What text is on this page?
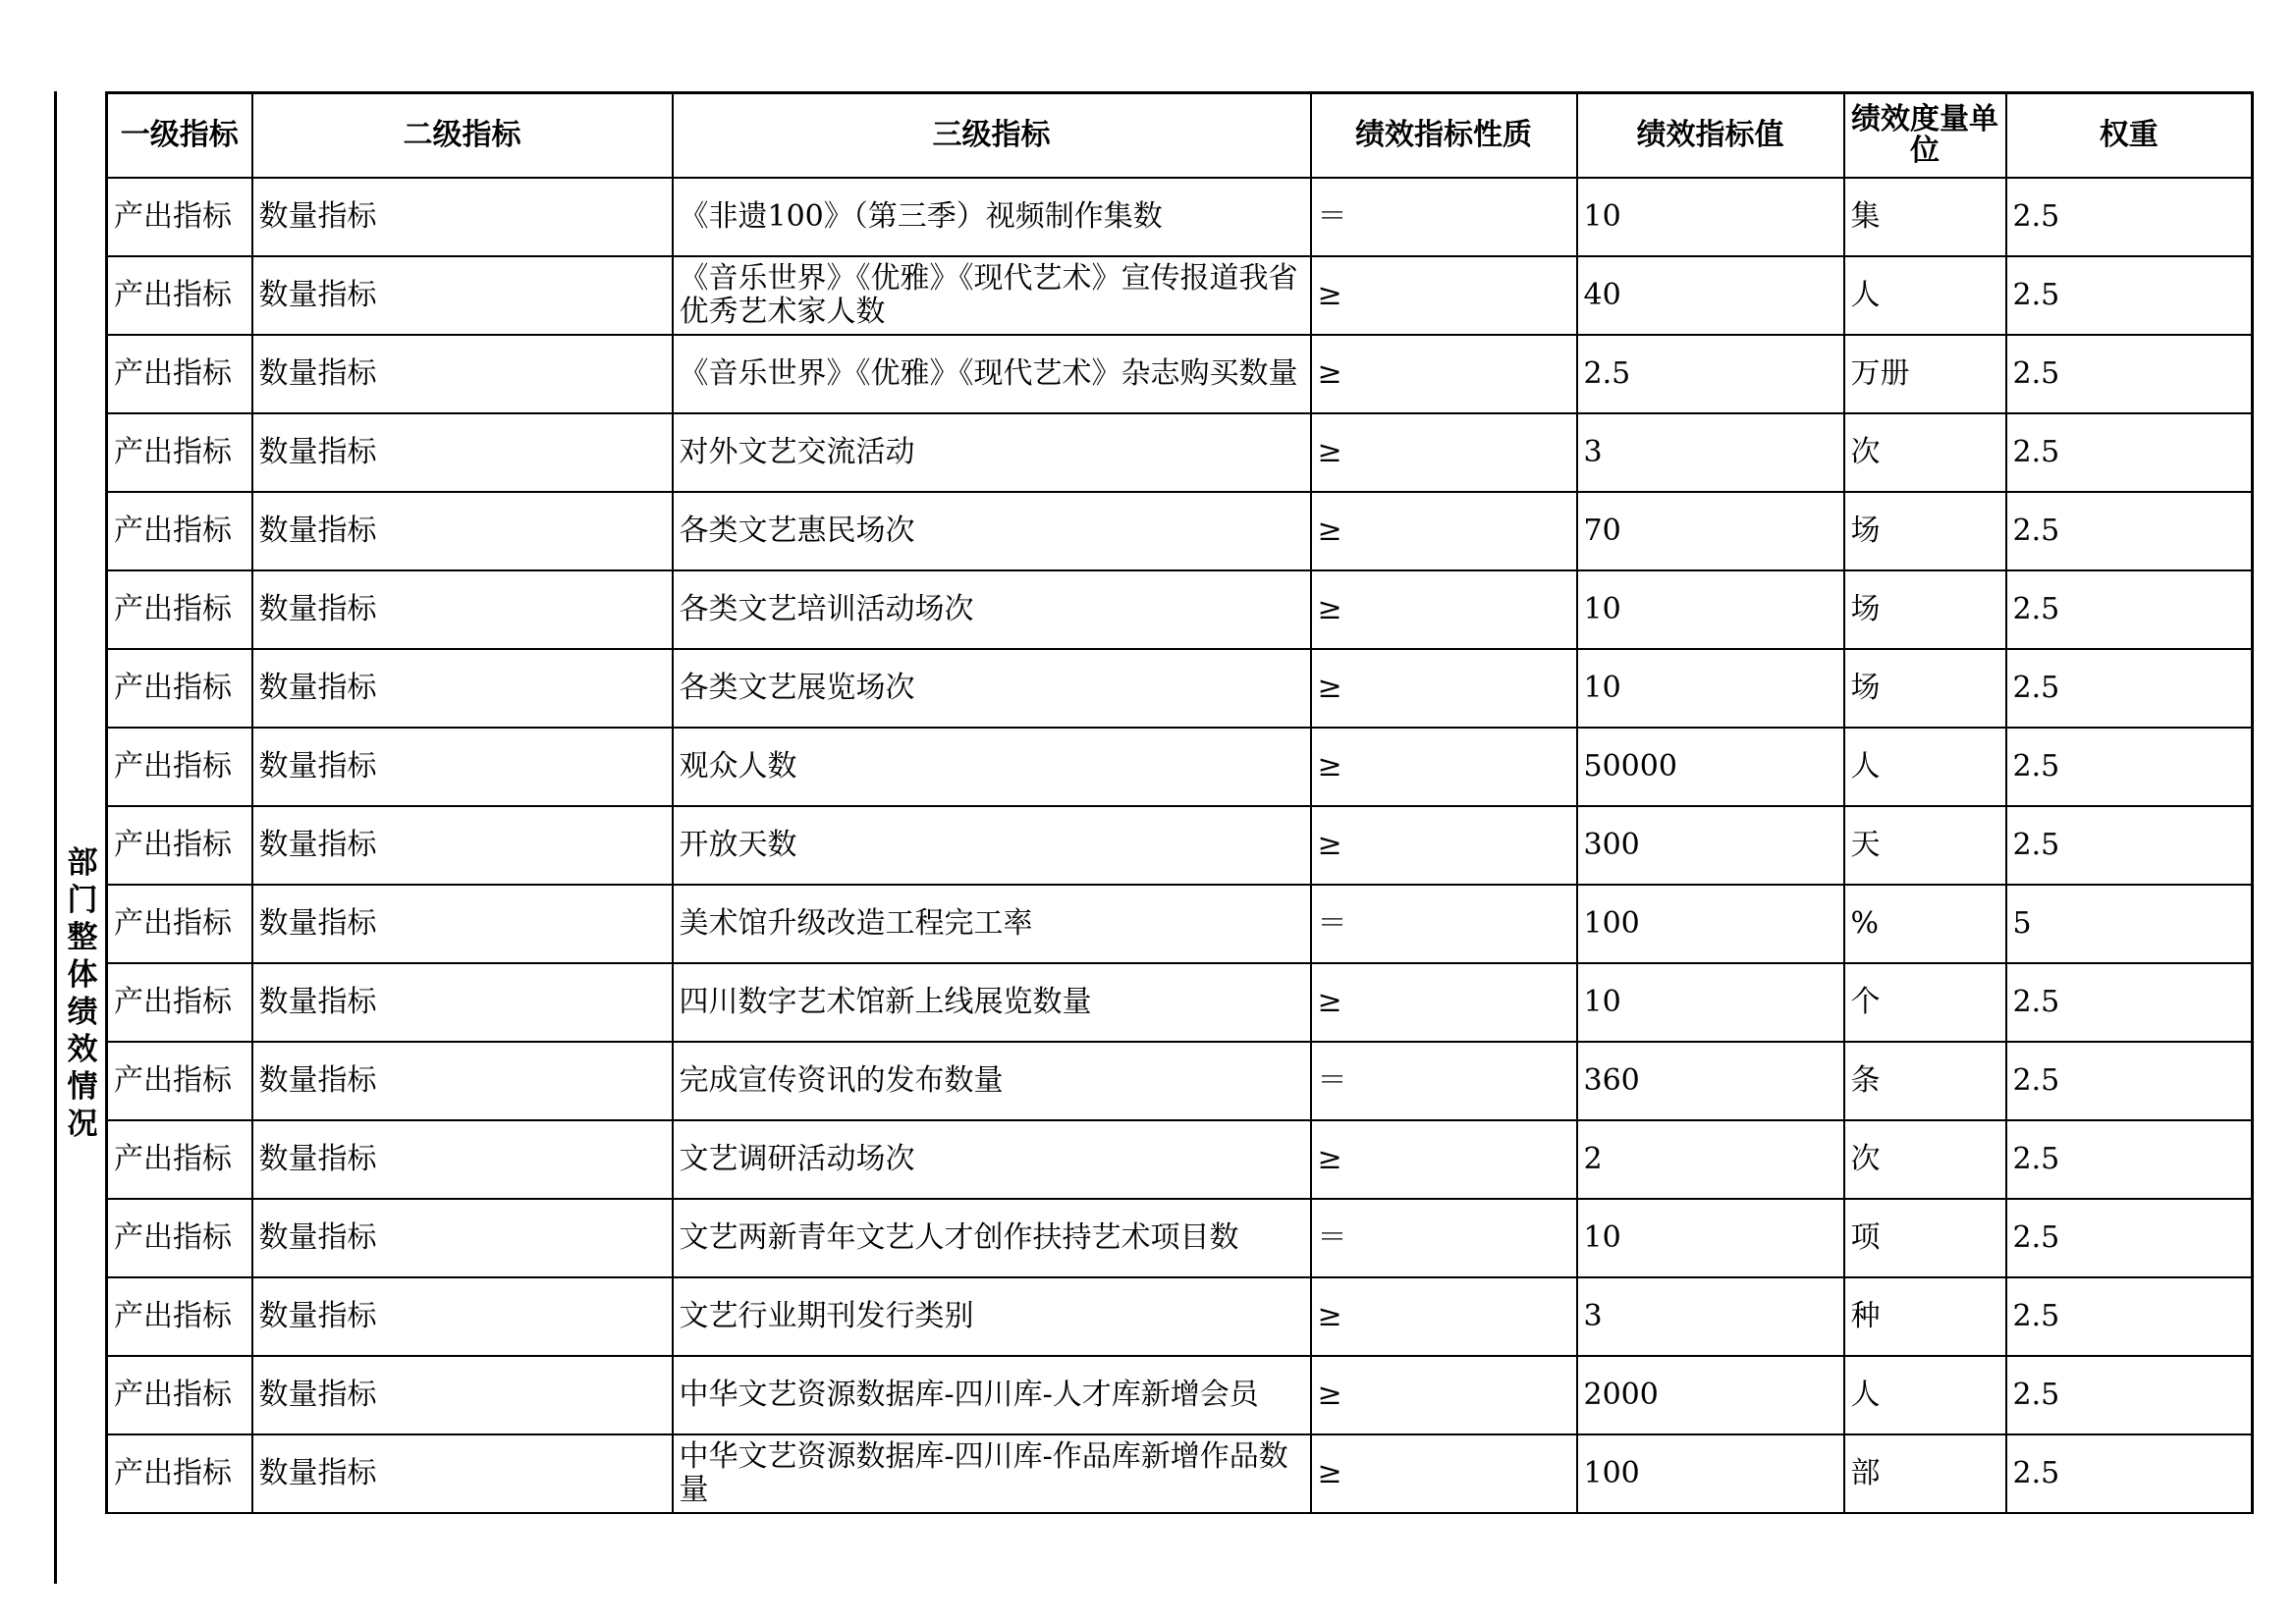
部门整体绩效情况
一级指标	二级指标	三级指标	绩效指标性质	绩效指标值	绩效度量单位	权重
产出指标	数量指标	《非遗100》（第三季）视频制作集数	＝	10	集	2.5
产出指标	数量指标	《音乐世界》《优雅》《现代艺术》宣传报道我省优秀艺术家人数	≥	40	人	2.5
产出指标	数量指标	《音乐世界》《优雅》《现代艺术》杂志购买数量	≥	2.5	万册	2.5
产出指标	数量指标	对外文艺交流活动	≥	3	次	2.5
产出指标	数量指标	各类文艺惠民场次	≥	70	场	2.5
产出指标	数量指标	各类文艺培训活动场次	≥	10	场	2.5
产出指标	数量指标	各类文艺展览场次	≥	10	场	2.5
产出指标	数量指标	观众人数	≥	50000	人	2.5
产出指标	数量指标	开放天数	≥	300	天	2.5
产出指标	数量指标	美术馆升级改造工程完工率	＝	100	%	5
产出指标	数量指标	四川数字艺术馆新上线展览数量	≥	10	个	2.5
产出指标	数量指标	完成宣传资讯的发布数量	＝	360	条	2.5
产出指标	数量指标	文艺调研活动场次	≥	2	次	2.5
产出指标	数量指标	文艺两新青年文艺人才创作扶持艺术项目数	＝	10	项	2.5
产出指标	数量指标	文艺行业期刊发行类别	≥	3	种	2.5
产出指标	数量指标	中华文艺资源数据库-四川库-人才库新增会员	≥	2000	人	2.5
产出指标	数量指标	中华文艺资源数据库-四川库-作品库新增作品数量	≥	100	部	2.5
